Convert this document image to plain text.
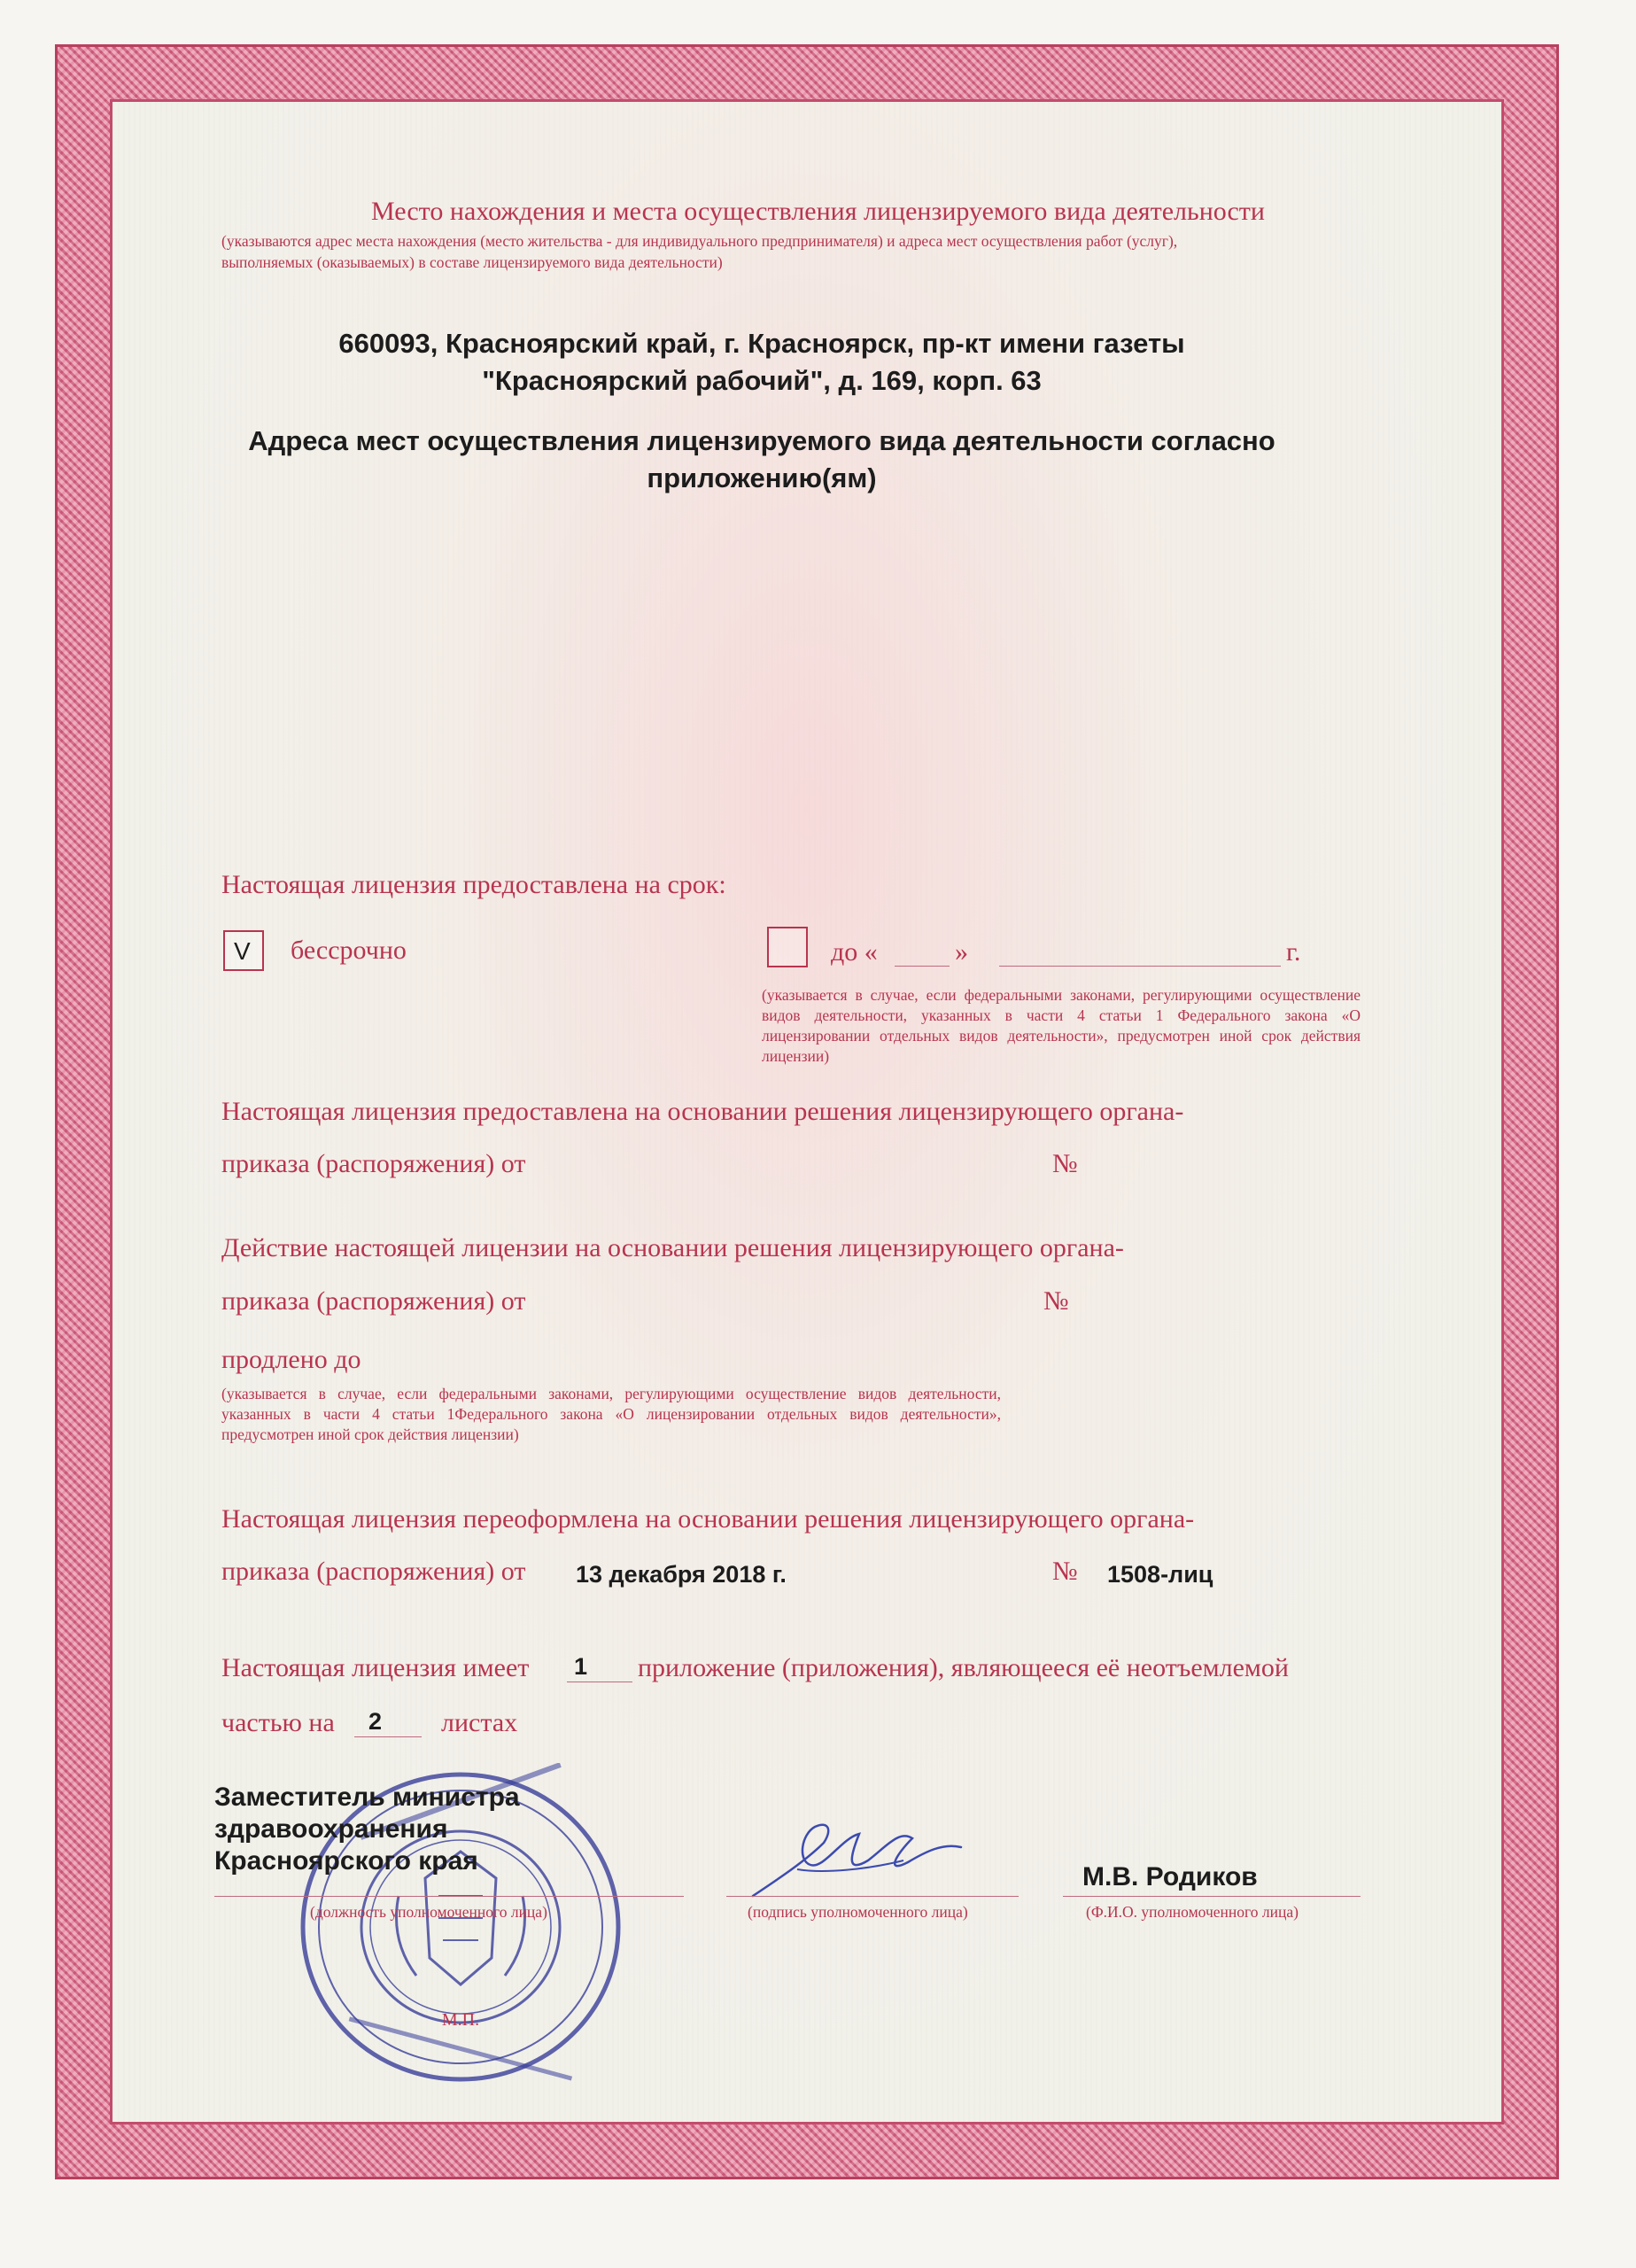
Место нахождения и места осуществления лицензируемого вида деятельности

(указываются адрес места нахождения (место жительства - для индивидуального предпринимателя) и адреса мест осуществления работ (услуг),

выполняемых (оказываемых) в составе лицензируемого вида деятельности)

660093, Красноярский край, г. Красноярск, пр-кт имени газеты

"Красноярский рабочий", д. 169, корп. 63

Адреса мест осуществления лицензируемого вида деятельности согласно

приложению(ям)

Настоящая лицензия предоставлена на срок:

V бессрочно	до «	»	г.

(указывается в случае, если федеральными законами, регулирующими осуществление видов деятельности, указанных в части 4 статьи 1 Федерального закона «О лицензировании отдельных видов деятельности», предусмотрен иной срок действия лицензии)

Настоящая лицензия предоставлена на основании решения лицензирующего органа-

приказа (распоряжения) от	№

Действие настоящей лицензии на основании решения лицензирующего органа-

приказа (распоряжения) от	№

продлено до

(указывается в случае, если федеральными законами, регулирующими осуществление видов деятельности, указанных в части 4 статьи 1Федерального закона «О лицензировании отдельных видов деятельности», предусмотрен иной срок действия лицензии)

Настоящая лицензия переоформлена на основании решения лицензирующего органа-

приказа (распоряжения) от 13 декабря 2018 г.	№ 1508-лиц

Настоящая лицензия имеет 1 приложение (приложения), являющееся её неотъемлемой

частью на 2 листах

М.П.

Заместитель министра

здравоохранения

Красноярского края

(должность уполномоченного лица)	(подпись уполномоченного лица)

М.В. Родиков

(Ф.И.О. уполномоченного лица)
